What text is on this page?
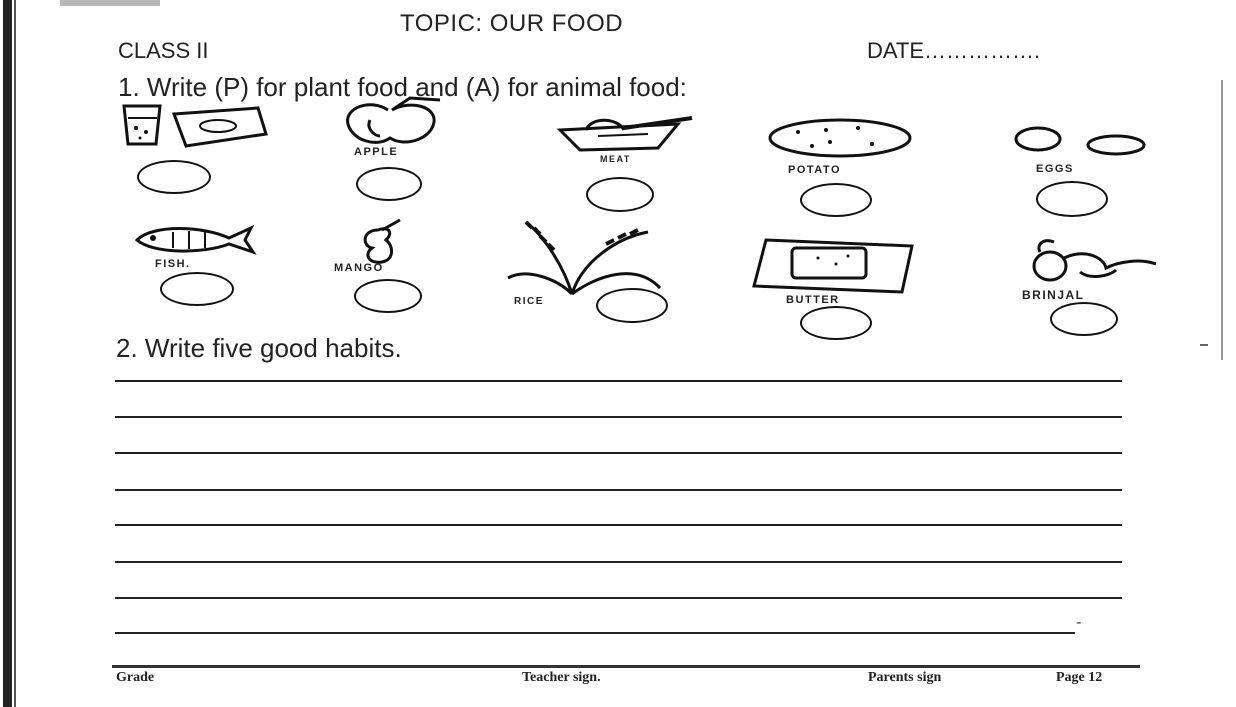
TOPIC: OUR FOOD
CLASS II	DATE…………….
1. Write (P) for plant food and (A) for animal food:
APPLE
MEAT
POTATO	EGGS
FISH.	MANGO
RICE	BUTTER	BRINJAL
2. Write five good habits.
-
Grade	Teacher sign.	Parents sign	Page 12
